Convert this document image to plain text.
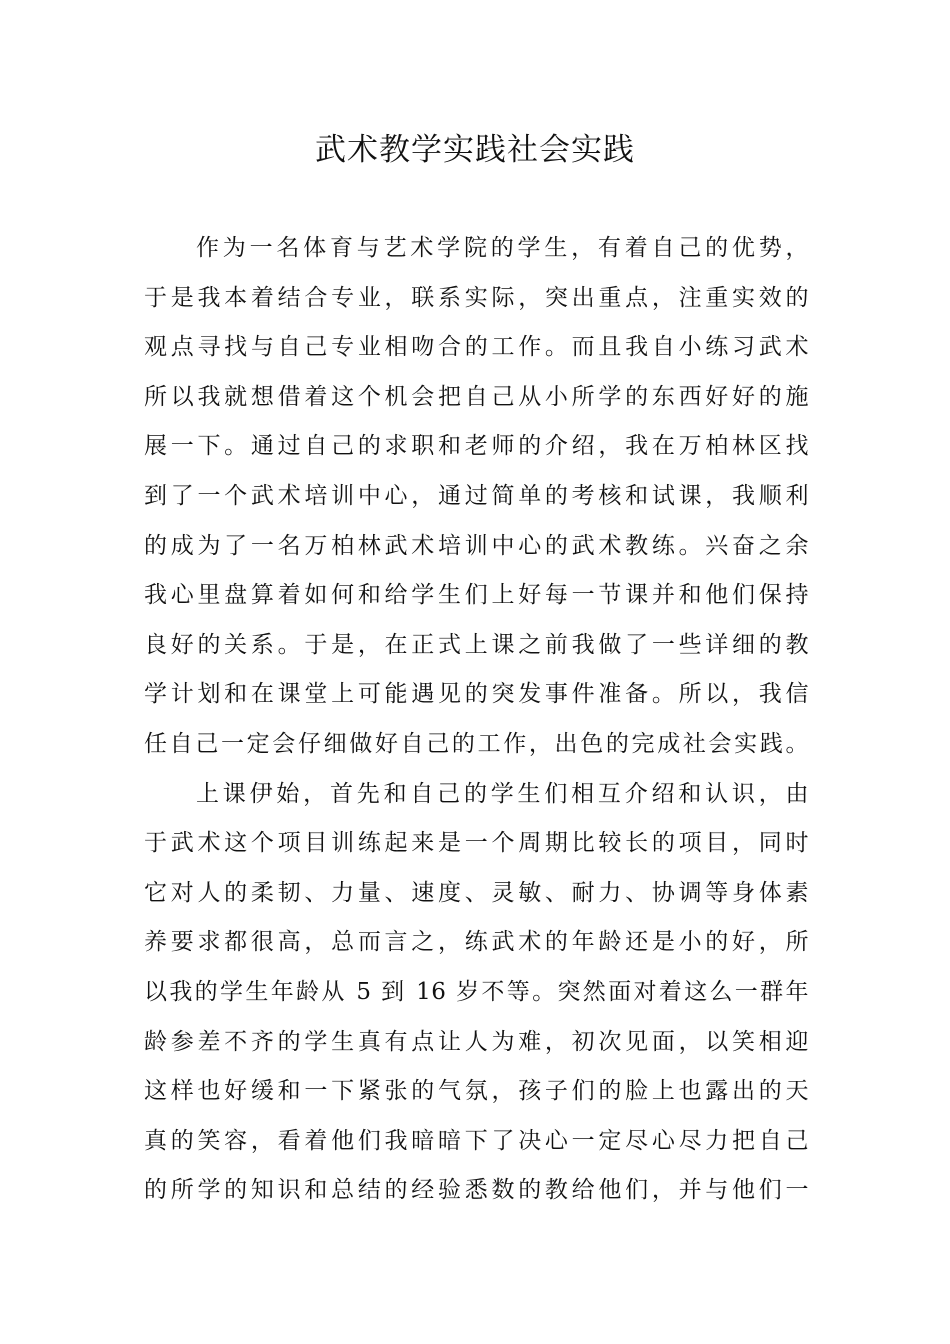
武术教学实践社会实践
作为一名体育与艺术学院的学生，有着自己的优势，
于是我本着结合专业，联系实际，突出重点，注重实效的
观点寻找与自己专业相吻合的工作。而且我自小练习武术
所以我就想借着这个机会把自己从小所学的东西好好的施
展一下。通过自己的求职和老师的介绍，我在万柏林区找
到了一个武术培训中心，通过简单的考核和试课，我顺利
的成为了一名万柏林武术培训中心的武术教练。兴奋之余
我心里盘算着如何和给学生们上好每一节课并和他们保持
良好的关系。于是，在正式上课之前我做了一些详细的教
学计划和在课堂上可能遇见的突发事件准备。所以，我信
任自己一定会仔细做好自己的工作，出色的完成社会实践。
上课伊始，首先和自己的学生们相互介绍和认识，由
于武术这个项目训练起来是一个周期比较长的项目，同时
它对人的柔韧、力量、速度、灵敏、耐力、协调等身体素
养要求都很高，总而言之，练武术的年龄还是小的好，所
以我的学生年龄从 5 到 16 岁不等。突然面对着这么一群年
龄参差不齐的学生真有点让人为难，初次见面，以笑相迎
这样也好缓和一下紧张的气氛，孩子们的脸上也露出的天
真的笑容，看着他们我暗暗下了决心一定尽心尽力把自己
的所学的知识和总结的经验悉数的教给他们，并与他们一
